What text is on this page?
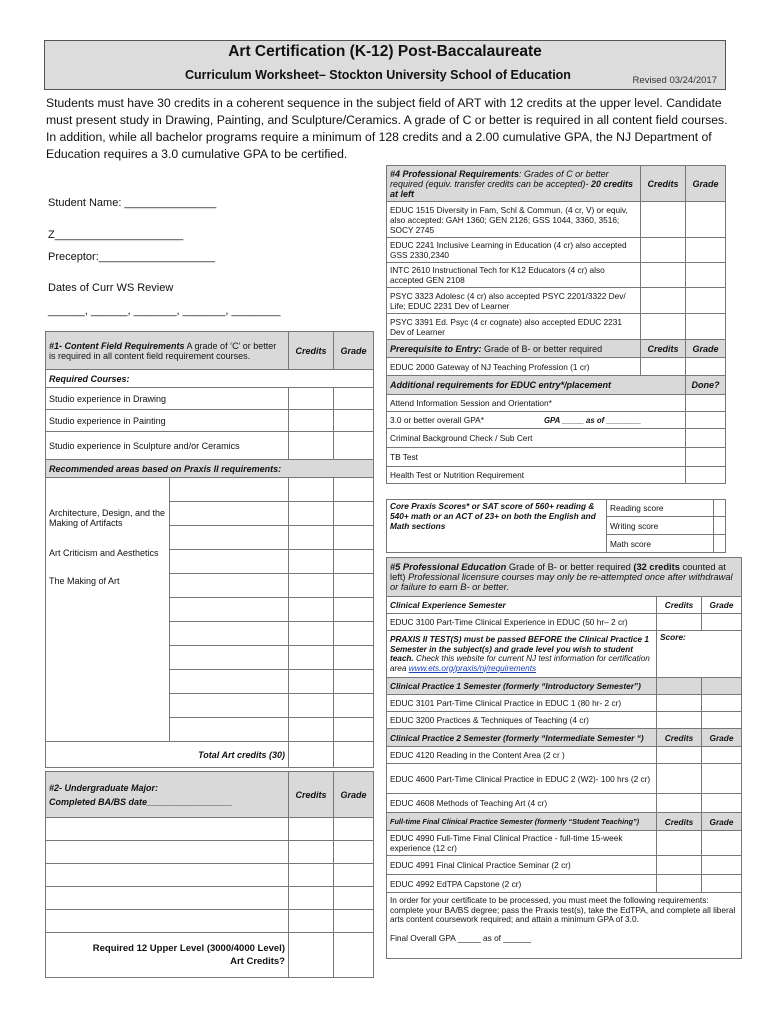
Art Certification (K-12) Post-Baccalaureate
Curriculum Worksheet– Stockton University School of Education	Revised 03/24/2017
Students must have 30 credits in a coherent sequence in the subject field of ART with 12 credits at the upper level. Candidate must present study in Drawing, Painting, and Sculpture/Ceramics. A grade of C or better is required in all content field courses. In addition, while all bachelor programs require a minimum of 128 credits and a 2.00 cumulative GPA, the NJ Department of Education requires a 3.0 cumulative GPA to be certified.
Student Name: _______________
Z_____________________
Preceptor:___________________
Dates of Curr WS Review
______, ______, _______, _______, ________
#1- Content Field Requirements A grade of ‘C’ or better is required in all content field requirement courses.		Credits	Grade
Required Courses:			
Studio experience in Drawing			
Studio experience in Painting			
Studio experience in Sculpture and/or Ceramics			
Recommended areas based on Praxis II requirements:			

Architecture, Design, and the Making of Artifacts
Art Criticism and Aesthetics
The Making of Art			

Total Art credits (30)			
#2- Undergraduate Major:
Completed BA/BS date_________________	Credits	Grade

Required 12 Upper Level (3000/4000 Level)
Art Credits?		

#4 Professional Requirements: Grades of C or better required (equiv. transfer credits can be accepted)- 20 credits at left	Credits	Grade
EDUC 1515 Diversity in Fam, Schl & Commun. (4 cr, V) or equiv, also accepted: GAH 1360; GEN 2126; GSS 1044, 3360, 3516; SOCY 2745		
EDUC 2241 Inclusive Learning in Education (4 cr) also accepted GSS 2330,2340		
INTC 2610 Instructional Tech for K12 Educators (4 cr) also accepted GEN 2108		
PSYC 3323 Adolesc (4 cr) also accepted PSYC 2201/3322 Dev/ Life; EDUC 2231 Dev of Learner		
PSYC 3391 Ed. Psyc (4 cr cognate) also accepted EDUC 2231 Dev of Learner		
Prerequisite to Entry: Grade of B- or better required	Credits	Grade
EDUC 2000 Gateway of NJ Teaching Profession (1 cr)		
Additional requirements for EDUC entry*/placement		Done?
Attend Information Session and Orientation*		
3.0 or better overall GPA* GPA _____ as of ________		
Criminal Background Check / Sub Cert		
TB Test		
Health Test or Nutrition Requirement		
Core Praxis Scores* or SAT score of 560+ reading & 540+ math or an ACT of 23+ on both the English and Math sections	Reading score	
	Writing score	
	Math score	
#5 Professional Education Grade of B- or better required (32 credits counted at left) Professional licensure courses may only be re-attempted once after withdrawal or failure to earn B- or better.		
Clinical Experience Semester	Credits	Grade
EDUC 3100 Part-Time Clinical Experience in EDUC (50 hr– 2 cr)		
PRAXIS II TEST(S) must be passed BEFORE the Clinical Practice 1 Semester in the subject(s) and grade level you wish to student teach. Check this website for current NJ test information for certification area www.ets.org/praxis/nj/requirements	Score:	
Clinical Practice 1 Semester (formerly “Introductory Semester”)		
EDUC 3101 Part-Time Clinical Practice in EDUC 1 (80 hr- 2 cr)		
EDUC 3200 Practices & Techniques of Teaching (4 cr)		
Clinical Practice 2 Semester (formerly “Intermediate Semester “)	Credits	Grade
EDUC 4120 Reading in the Content Area (2 cr )		
EDUC 4600 Part-Time Clinical Practice in EDUC 2 (W2)- 100 hrs (2 cr)		
EDUC 4608 Methods of Teaching Art (4 cr)		
Full-time Final Clinical Practice Semester (formerly “Student Teaching”)	Credits	Grade
EDUC 4990 Full-Time Final Clinical Practice - full-time 15-week experience (12 cr)		
EDUC 4991 Final Clinical Practice Seminar (2 cr)		
EDUC 4992 EdTPA Capstone (2 cr)		

In order for your certificate to be processed, you must meet the following requirements: complete your BA/BS degree; pass the Praxis test(s), take the EdTPA, and complete all liberal arts content coursework required; and attain a minimum GPA of 3.0.
Final Overall GPA _____ as of ______		
